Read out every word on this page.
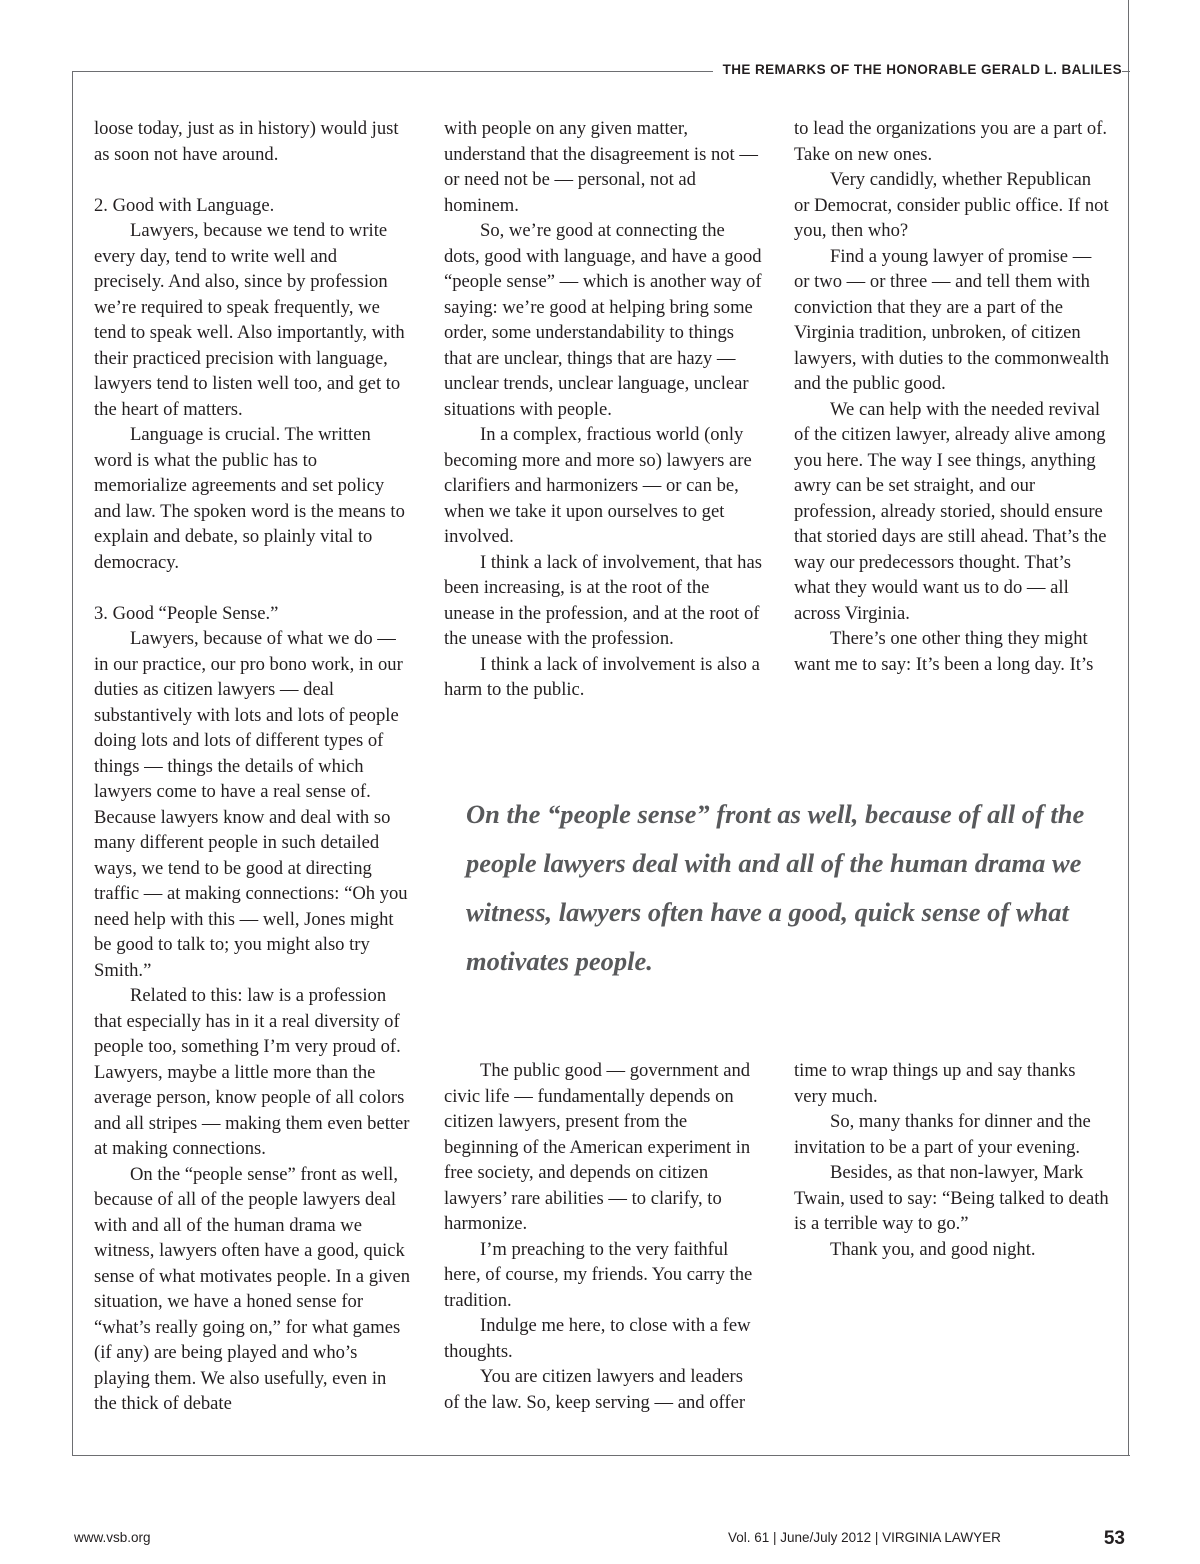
THE REMARKS OF THE HONORABLE GERALD L. BALILES

loose today, just as in history) would just as soon not have around.

2. Good with Language.

Lawyers, because we tend to write every day, tend to write well and precisely. And also, since by profession we’re required to speak frequently, we tend to speak well. Also importantly, with their practiced precision with language, lawyers tend to listen well too, and get to the heart of matters.

Language is crucial. The written word is what the public has to memorialize agreements and set policy and law. The spoken word is the means to explain and debate, so plainly vital to democracy.

3. Good “People Sense.”

Lawyers, because of what we do — in our practice, our pro bono work, in our duties as citizen lawyers — deal substantively with lots and lots of people doing lots and lots of different types of things — things the details of which lawyers come to have a real sense of. Because lawyers know and deal with so many different people in such detailed ways, we tend to be good at directing traffic — at making connections: “Oh you need help with this — well, Jones might be good to talk to; you might also try Smith.”

Related to this: law is a profession that especially has in it a real diversity of people too, something I’m very proud of. Lawyers, maybe a little more than the average person, know people of all colors and all stripes — making them even better at making connections.

On the “people sense” front as well, because of all of the people lawyers deal with and all of the human drama we witness, lawyers often have a good, quick sense of what motivates people. In a given situation, we have a honed sense for “what’s really going on,” for what games (if any) are being played and who’s playing them. We also usefully, even in the thick of debate

with people on any given matter, understand that the disagreement is not — or need not be — personal, not ad hominem.

So, we’re good at connecting the dots, good with language, and have a good “people sense” — which is another way of saying: we’re good at helping bring some order, some understandability to things that are unclear, things that are hazy — unclear trends, unclear language, unclear situations with people.

In a complex, fractious world (only becoming more and more so) lawyers are clarifiers and harmonizers — or can be, when we take it upon ourselves to get involved.

I think a lack of involvement, that has been increasing, is at the root of the unease in the profession, and at the root of the unease with the profession.

I think a lack of involvement is also a harm to the public.

to lead the organizations you are a part of. Take on new ones.

Very candidly, whether Republican or Democrat, consider public office. If not you, then who?

Find a young lawyer of promise — or two — or three — and tell them with conviction that they are a part of the Virginia tradition, unbroken, of citizen lawyers, with duties to the commonwealth and the public good.

We can help with the needed revival of the citizen lawyer, already alive among you here. The way I see things, anything awry can be set straight, and our profession, already storied, should ensure that storied days are still ahead. That’s the way our predecessors thought. That’s what they would want us to do — all across Virginia.

There’s one other thing they might want me to say: It’s been a long day. It’s

On the “people sense” front as well, because of all of the people lawyers deal with and all of the human drama we witness, lawyers often have a good, quick sense of what motivates people.

The public good — government and civic life — fundamentally depends on citizen lawyers, present from the beginning of the American experiment in free society, and depends on citizen lawyers’ rare abilities — to clarify, to harmonize.

I’m preaching to the very faithful here, of course, my friends. You carry the tradition.

Indulge me here, to close with a few thoughts.

You are citizen lawyers and leaders of the law. So, keep serving — and offer

time to wrap things up and say thanks very much.

So, many thanks for dinner and the invitation to be a part of your evening.

Besides, as that non-lawyer, Mark Twain, used to say: “Being talked to death is a terrible way to go.”

Thank you, and good night.

www.vsb.org	Vol. 61 | June/July 2012 | VIRGINIA LAWYER	53
